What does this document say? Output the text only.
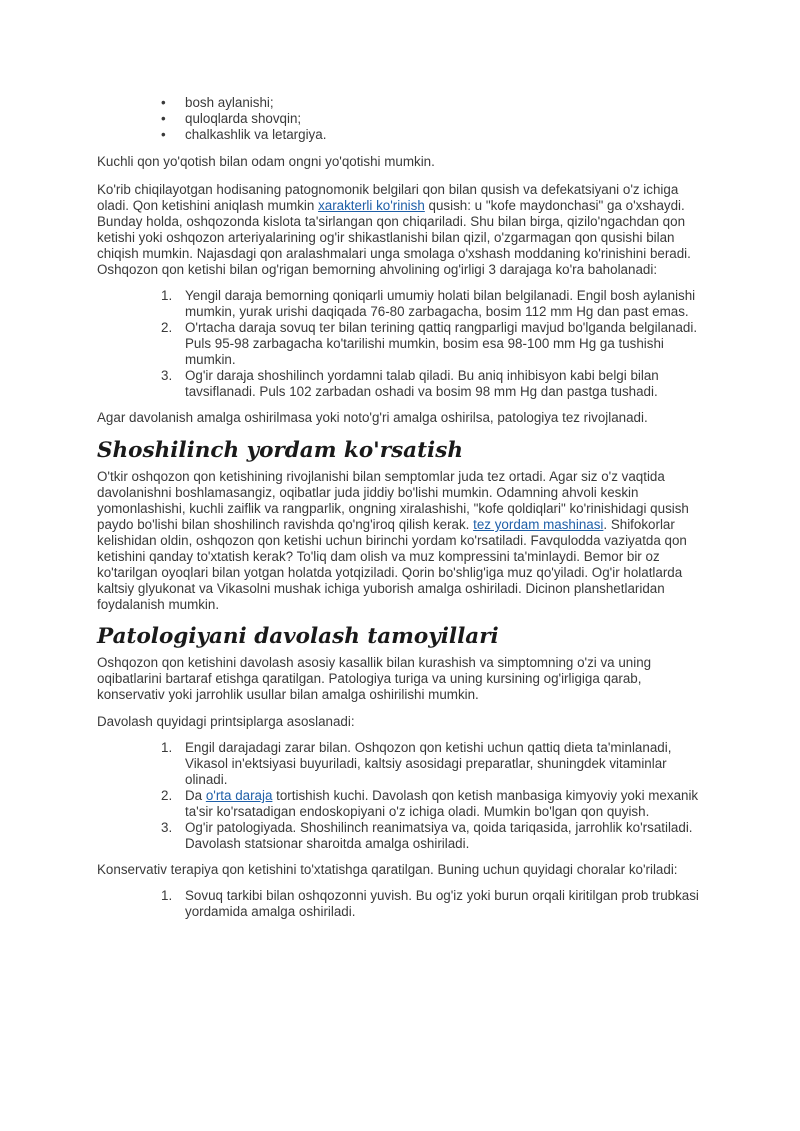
• bosh aylanishi;
• quloqlarda shovqin;
• chalkashlik va letargiya.

Kuchli qon yo'qotish bilan odam ongni yo'qotishi mumkin.

Ko'rib chiqilayotgan hodisaning patognomonik belgilari qon bilan qusish va defekatsiyani o'z ichiga oladi. Qon ketishini aniqlash mumkin xarakterli ko'rinish qusish: u "kofe maydonchasi" ga o'xshaydi. Bunday holda, oshqozonda kislota ta'sirlangan qon chiqariladi. Shu bilan birga, qizilo'ngachdan qon ketishi yoki oshqozon arteriyalarining og'ir shikastlanishi bilan qizil, o'zgarmagan qon qusishi bilan chiqish mumkin. Najasdagi qon aralashmalari unga smolaga o'xshash moddaning ko'rinishini beradi.

Oshqozon qon ketishi bilan og'rigan bemorning ahvolining og'irligi 3 darajaga ko'ra baholanadi:

1. Yengil daraja bemorning qoniqarli umumiy holati bilan belgilanadi. Engil bosh aylanishi mumkin, yurak urishi daqiqada 76-80 zarbagacha, bosim 112 mm Hg dan past emas.
2. O'rtacha daraja sovuq ter bilan terining qattiq rangparligi mavjud bo'lganda belgilanadi. Puls 95-98 zarbagacha ko'tarilishi mumkin, bosim esa 98-100 mm Hg ga tushishi mumkin.
3. Og'ir daraja shoshilinch yordamni talab qiladi. Bu aniq inhibisyon kabi belgi bilan tavsiflanadi. Puls 102 zarbadan oshadi va bosim 98 mm Hg dan pastga tushadi.

Agar davolanish amalga oshirilmasa yoki noto'g'ri amalga oshirilsa, patologiya tez rivojlanadi.

Shoshilinch yordam ko'rsatish

O'tkir oshqozon qon ketishining rivojlanishi bilan semptomlar juda tez ortadi. Agar siz o'z vaqtida davolanishni boshlamasangiz, oqibatlar juda jiddiy bo'lishi mumkin. Odamning ahvoli keskin yomonlashishi, kuchli zaiflik va rangparlik, ongning xiralashishi, "kofe qoldiqlari" ko'rinishidagi qusish paydo bo'lishi bilan shoshilinch ravishda qo'ng'iroq qilish kerak. tez yordam mashinasi. Shifokorlar kelishidan oldin, oshqozon qon ketishi uchun birinchi yordam ko'rsatiladi. Favqulodda vaziyatda qon ketishini qanday to'xtatish kerak? To'liq dam olish va muz kompressini ta'minlaydi. Bemor bir oz ko'tarilgan oyoqlari bilan yotgan holatda yotqiziladi. Qorin bo'shlig'iga muz qo'yiladi. Og'ir holatlarda kaltsiy glyukonat va Vikasolni mushak ichiga yuborish amalga oshiriladi. Dicinon planshetlaridan foydalanish mumkin.

Patologiyani davolash tamoyillari

Oshqozon qon ketishini davolash asosiy kasallik bilan kurashish va simptomning o'zi va uning oqibatlarini bartaraf etishga qaratilgan. Patologiya turiga va uning kursining og'irligiga qarab, konservativ yoki jarrohlik usullar bilan amalga oshirilishi mumkin.

Davolash quyidagi printsiplarga asoslanadi:

1. Engil darajadagi zarar bilan. Oshqozon qon ketishi uchun qattiq dieta ta'minlanadi, Vikasol in'ektsiyasi buyuriladi, kaltsiy asosidagi preparatlar, shuningdek vitaminlar olinadi.
2. Da o'rta daraja tortishish kuchi. Davolash qon ketish manbasiga kimyoviy yoki mexanik ta'sir ko'rsatadigan endoskopiyani o'z ichiga oladi. Mumkin bo'lgan qon quyish.
3. Og'ir patologiyada. Shoshilinch reanimatsiya va, qoida tariqasida, jarrohlik ko'rsatiladi. Davolash statsionar sharoitda amalga oshiriladi.

Konservativ terapiya qon ketishini to'xtatishga qaratilgan. Buning uchun quyidagi choralar ko'riladi:

1. Sovuq tarkibi bilan oshqozonni yuvish. Bu og'iz yoki burun orqali kiritilgan prob trubkasi yordamida amalga oshiriladi.
